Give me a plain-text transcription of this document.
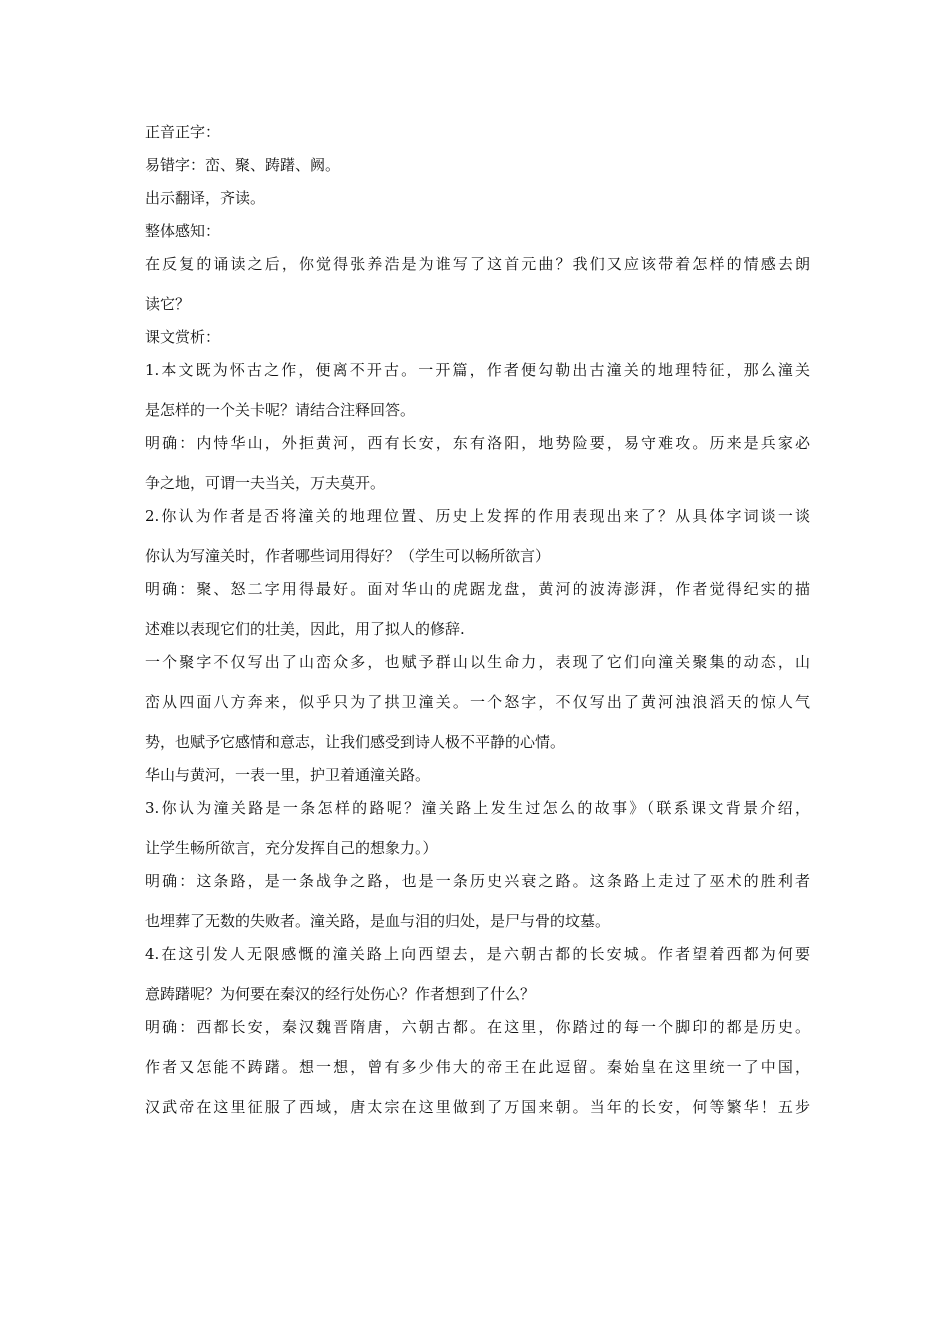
正音正字：
易错字：峦、聚、踌躇、阙。
出示翻译，齐读。
整体感知：
在反复的诵读之后，你觉得张养浩是为谁写了这首元曲？我们又应该带着怎样的情感去朗
读它？
课文赏析：
1.本文既为怀古之作，便离不开古。一开篇，作者便勾勒出古潼关的地理特征，那么潼关
是怎样的一个关卡呢？请结合注释回答。
明确：内恃华山，外拒黄河，西有长安，东有洛阳，地势险要，易守难攻。历来是兵家必
争之地，可谓一夫当关，万夫莫开。
2.你认为作者是否将潼关的地理位置、历史上发挥的作用表现出来了？从具体字词谈一谈
你认为写潼关时，作者哪些词用得好？（学生可以畅所欲言）
明确：聚、怒二字用得最好。面对华山的虎踞龙盘，黄河的波涛澎湃，作者觉得纪实的描
述难以表现它们的壮美，因此，用了拟人的修辞.
一个聚字不仅写出了山峦众多，也赋予群山以生命力，表现了它们向潼关聚集的动态，山
峦从四面八方奔来，似乎只为了拱卫潼关。一个怒字，不仅写出了黄河浊浪滔天的惊人气
势，也赋予它感情和意志，让我们感受到诗人极不平静的心情。
华山与黄河，一表一里，护卫着通潼关路。
3.你认为潼关路是一条怎样的路呢？潼关路上发生过怎么的故事》（联系课文背景介绍，
让学生畅所欲言，充分发挥自己的想象力。）
明确：这条路，是一条战争之路，也是一条历史兴衰之路。这条路上走过了巫术的胜利者
也埋葬了无数的失败者。潼关路，是血与泪的归处，是尸与骨的坟墓。
4.在这引发人无限感慨的潼关路上向西望去，是六朝古都的长安城。作者望着西都为何要
意踌躇呢？为何要在秦汉的经行处伤心？作者想到了什么？
明确：西都长安，秦汉魏晋隋唐，六朝古都。在这里，你踏过的每一个脚印的都是历史。
作者又怎能不踌躇。想一想，曾有多少伟大的帝王在此逗留。秦始皇在这里统一了中国，
汉武帝在这里征服了西域，唐太宗在这里做到了万国来朝。当年的长安，何等繁华！五步
